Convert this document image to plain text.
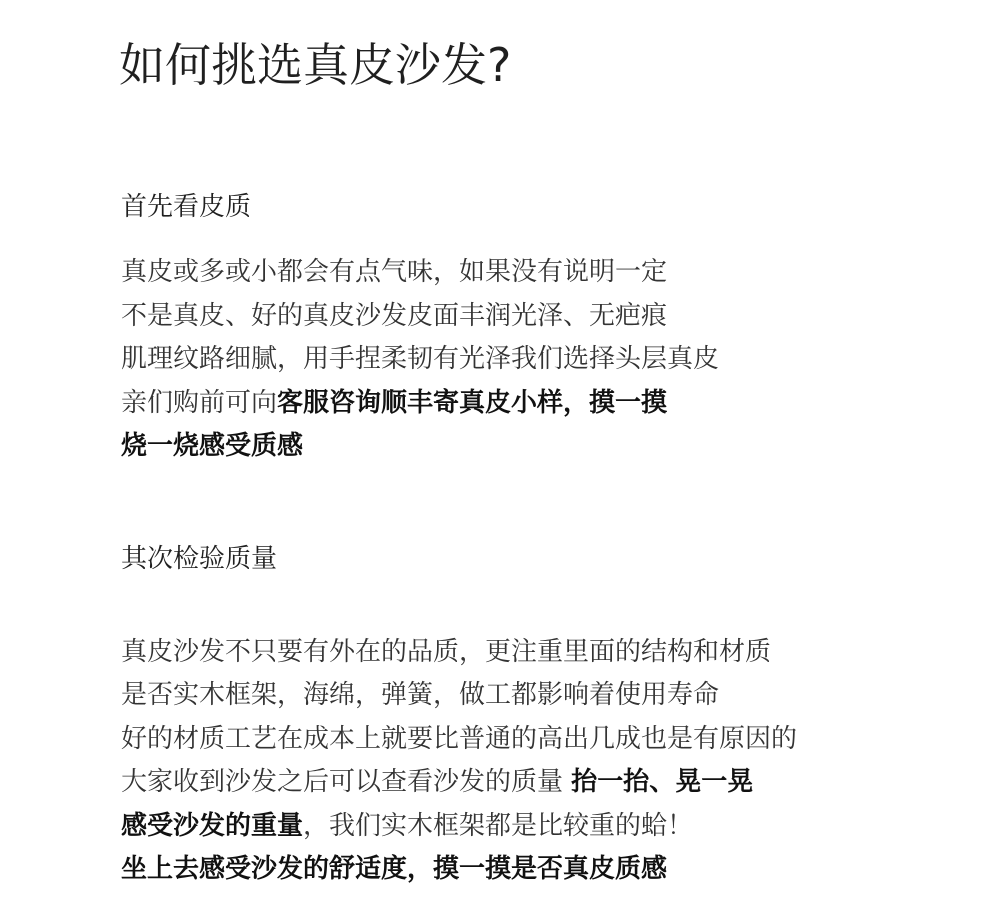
如何挑选真皮沙发?
首先看皮质

真皮或多或小都会有点气味，如果没有说明一定
不是真皮、好的真皮沙发皮面丰润光泽、无疤痕
肌理纹路细腻，用手捏柔韧有光泽我们选择头层真皮
亲们购前可向客服咨询顺丰寄真皮小样，摸一摸
烧一烧感受质感

其次检验质量

真皮沙发不只要有外在的品质，更注重里面的结构和材质
是否实木框架，海绵，弹簧，做工都影响着使用寿命
好的材质工艺在成本上就要比普通的高出几成也是有原因的
大家收到沙发之后可以查看沙发的质量 抬一抬、晃一晃
感受沙发的重量，我们实木框架都是比较重的蛤！
坐上去感受沙发的舒适度，摸一摸是否真皮质感
